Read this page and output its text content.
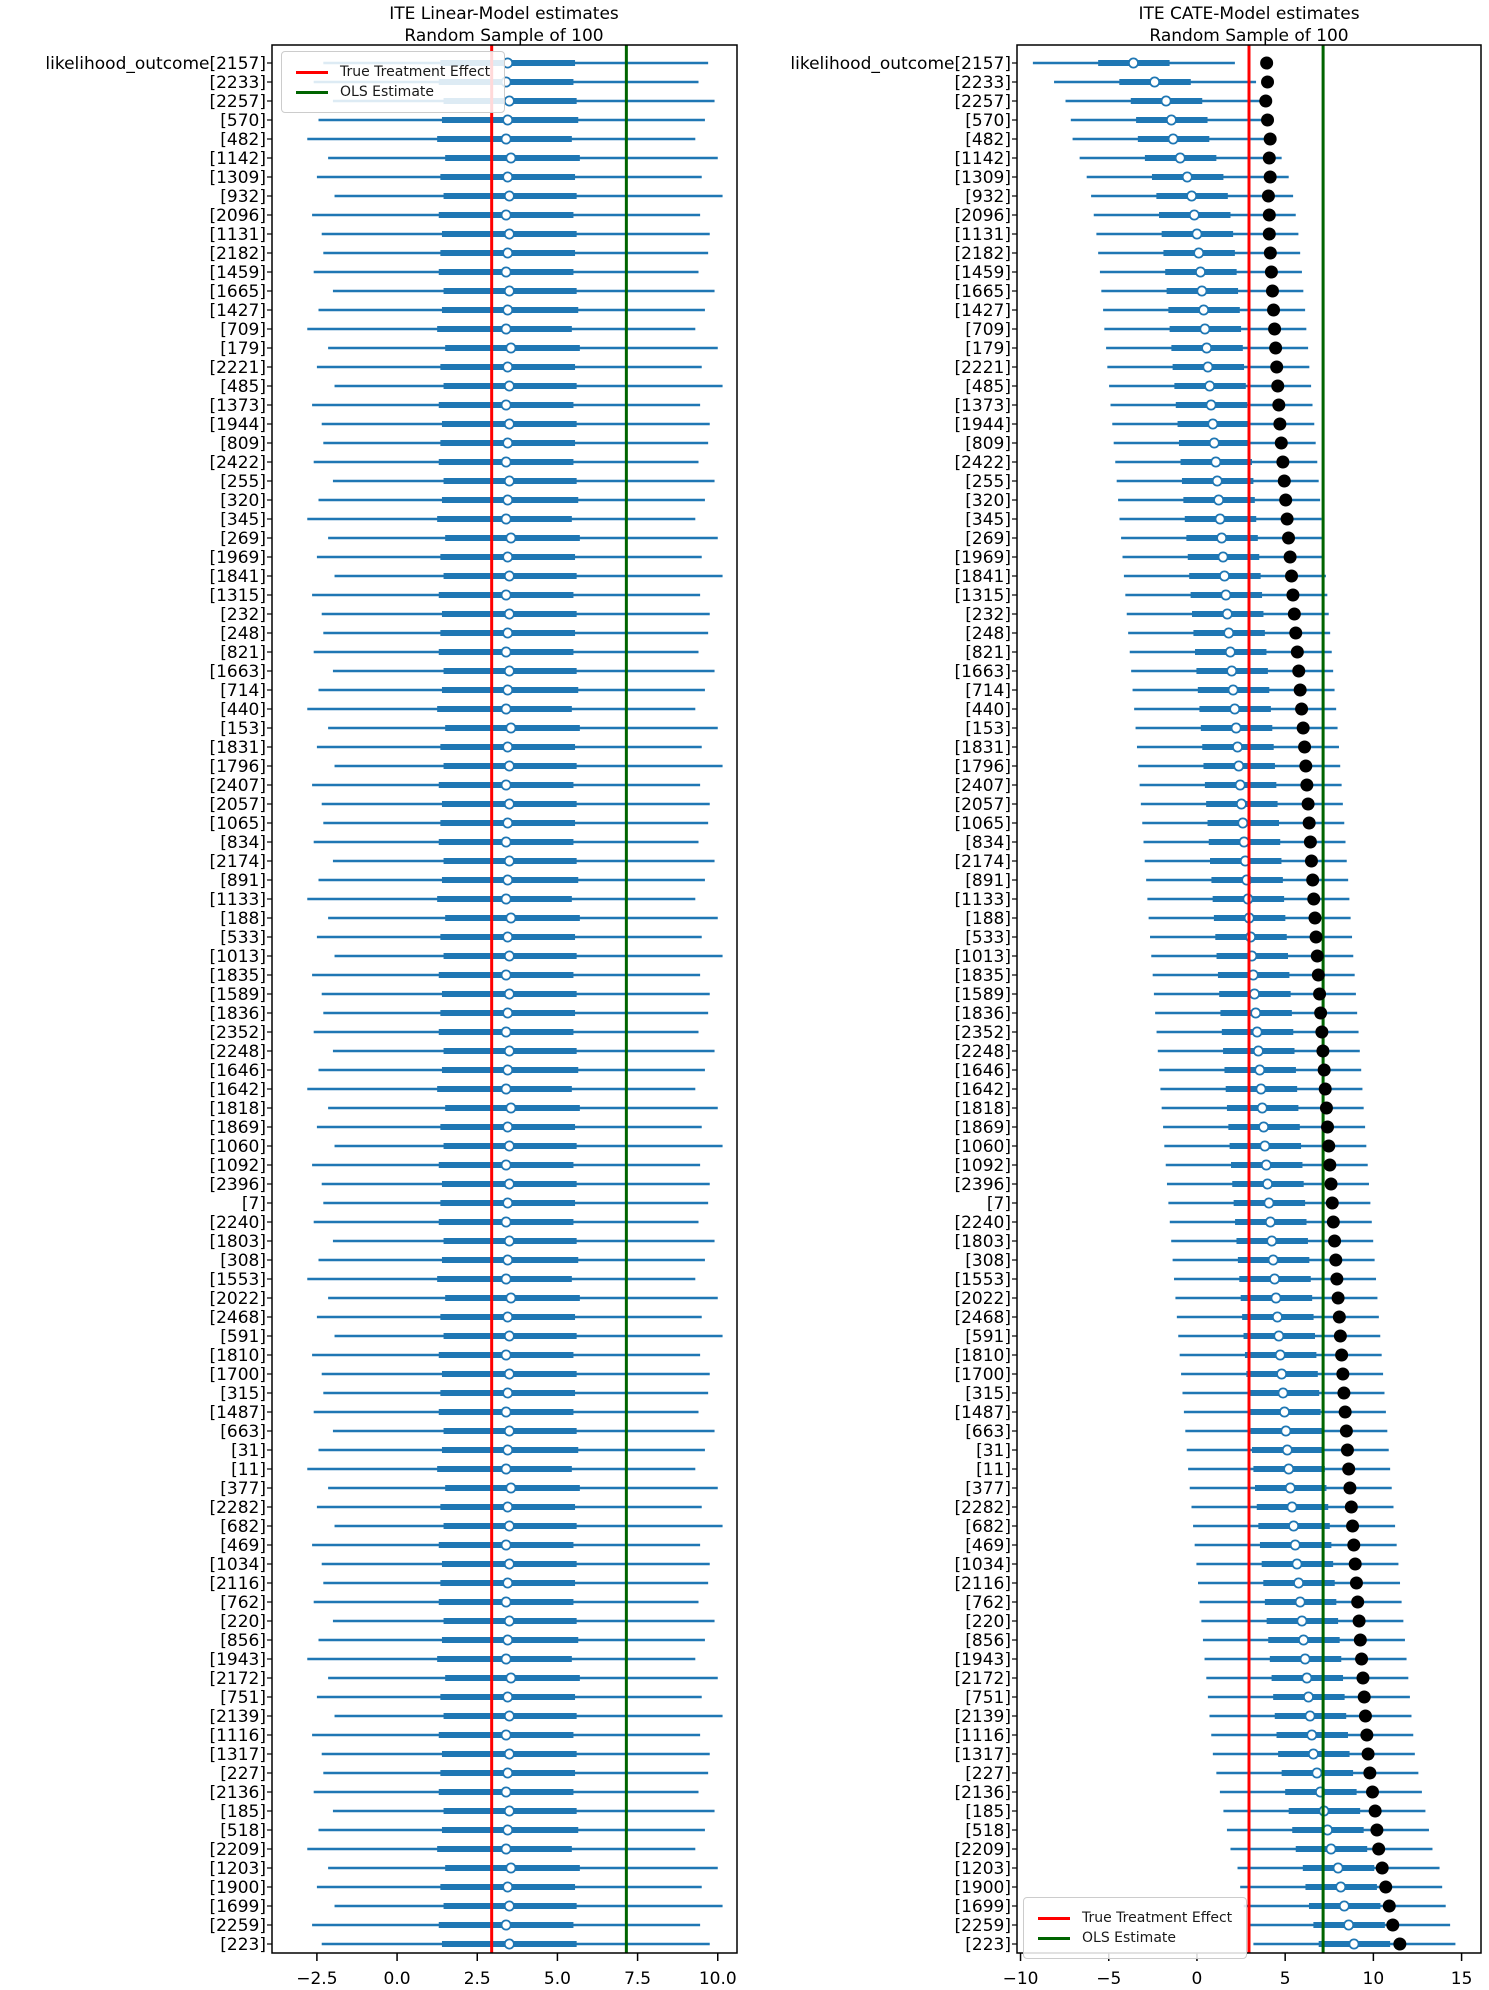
likelihood_outcome[2157]
[2233]
[2257]
[570]
[482]
[1142]
[1309]
[932]
[2096]
[1131]
[2182]
[1459]
[1665]
[1427]
[709]
[179]
[2221]
[485]
[1373]
[1944]
[809]
[2422]
[255]
[320]
[345]
[269]
[1969]
[1841]
[1315]
[232]
[248]
[821]
[1663]
[714]
[440]
[153]
[1831]
[1796]
[2407]
[2057]
[1065]
[834]
[2174]
[891]
[1133]
[188]
[533]
[1013]
[1835]
[1589]
[1836]
[2352]
[2248]
[1646]
[1642]
[1818]
[1869]
[1060]
[1092]
[2396]
[7]
[2240]
[1803]
[308]
[1553]
[2022]
[2468]
[591]
[1810]
[1700]
[315]
[1487]
[663]
[31]
[11]
[377]
[2282]
[682]
[469]
[1034]
[2116]
[762]
[220]
[856]
[1943]
[2172]
[751]
[2139]
[1116]
[1317]
[227]
[2136]
[185]
[518]
[2209]
[1203]
[1900]
[1699]
[2259]
[223]
−2.5	0.0	2.5	5.0	7.5	10.0
likelihood_outcome[2157]
[2233]
[2257]
[570]
[482]
[1142]
[1309]
[932]
[2096]
[1131]
[2182]
[1459]
[1665]
[1427]
[709]
[179]
[2221]
[485]
[1373]
[1944]
[809]
[2422]
[255]
[320]
[345]
[269]
[1969]
[1841]
[1315]
[232]
[248]
[821]
[1663]
[714]
[440]
[153]
[1831]
[1796]
[2407]
[2057]
[1065]
[834]
[2174]
[891]
[1133]
[188]
[533]
[1013]
[1835]
[1589]
[1836]
[2352]
[2248]
[1646]
[1642]
[1818]
[1869]
[1060]
[1092]
[2396]
[7]
[2240]
[1803]
[308]
[1553]
[2022]
[2468]
[591]
[1810]
[1700]
[315]
[1487]
[663]
[31]
[11]
[377]
[2282]
[682]
[469]
[1034]
[2116]
[762]
[220]
[856]
[1943]
[2172]
[751]
[2139]
[1116]
[1317]
[227]
[2136]
[185]
[518]
[2209]
[1203]
[1900]
[1699]
[2259]
[223]
−10	−5	0	5	10	15
ITE Linear-Model estimates
Random Sample of 100
ITE CATE-Model estimates
Random Sample of 100
True Treatment Effect
OLS Estimate
True Treatment Effect
OLS Estimate
